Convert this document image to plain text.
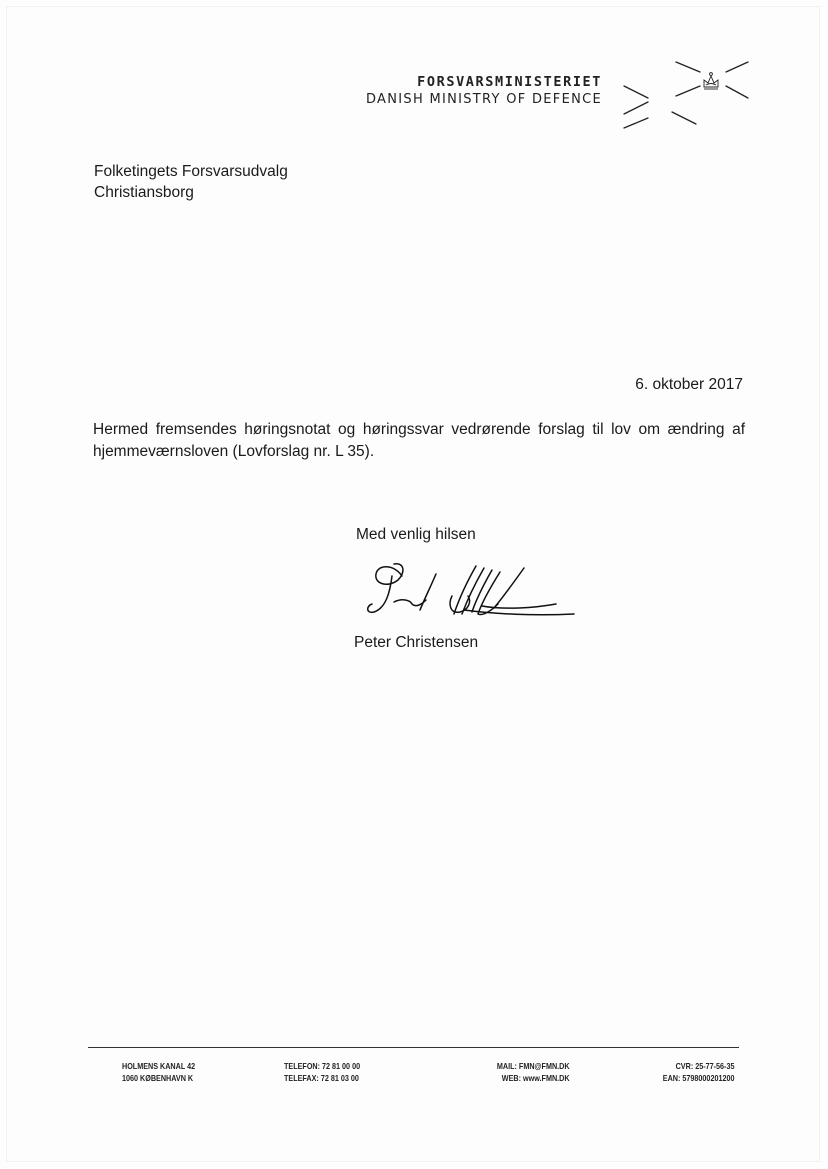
FORSVARSMINISTERIET
DANISH MINISTRY OF DEFENCE
Folketingets Forsvarsudvalg
Christiansborg
6. oktober 2017
Hermed fremsendes høringsnotat og høringssvar vedrørende forslag til lov om ændring af hjemmeværnsloven (Lovforslag nr. L 35).
Med venlig hilsen
Peter Christensen
HOLMENS KANAL 42
1060 KØBENHAVN K
TELEFON: 72 81 00 00
TELEFAX: 72 81 03 00
MAIL: FMN@FMN.DK
WEB: www.FMN.DK
CVR: 25-77-56-35
EAN: 5798000201200
